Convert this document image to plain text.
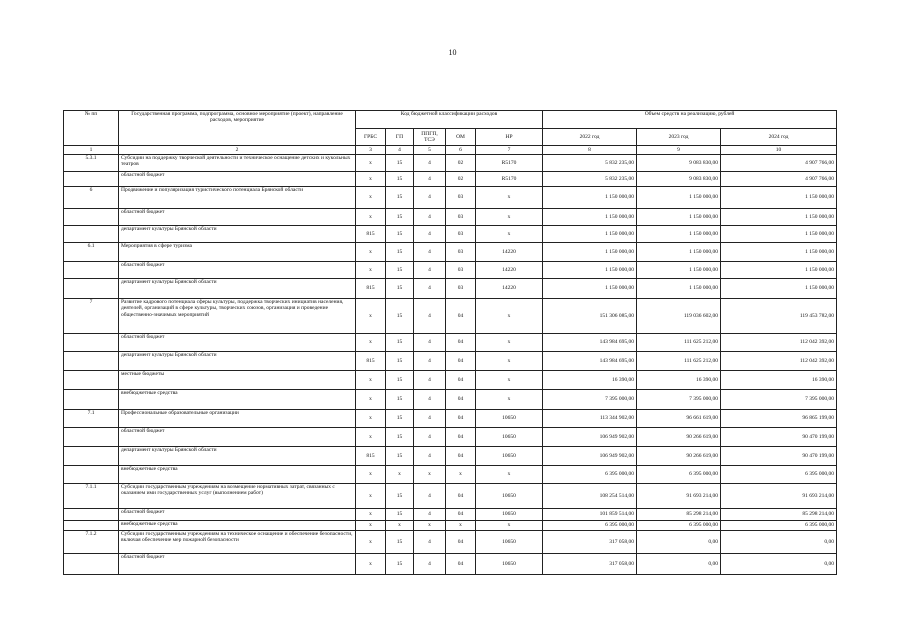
10
№ пп	Государственная программа, подпрограмма, основное мероприятие (проект), направление расходов, мероприятие	Код бюджетной классификации расходов					Объем средств на реализацию, рублей		
		ГРБС	ГП	ППГП, ТСЭ	ОМ	НР	2022 год	2023 год	2024 год
1	2	3	4	5	6	7	8	9	10
5.3.1	Субсидии на поддержку творческой деятельности и техническое оснащение детских и кукольных театров	х	15	4	02	R5170	5 832 235,00	9 083 830,00	4 907 766,00
	областной бюджет	х	15	4	02	R5170	5 832 235,00	9 083 830,00	4 907 766,00
6	Продвижение и популяризация туристического потенциала Брянской области	х	15	4	03	х	1 150 000,00	1 150 000,00	1 150 000,00
	областной бюджет	х	15	4	03	х	1 150 000,00	1 150 000,00	1 150 000,00
	департамент культуры Брянской области	815	15	4	03	х	1 150 000,00	1 150 000,00	1 150 000,00
6.1	Мероприятия в сфере туризма	х	15	4	03	14220	1 150 000,00	1 150 000,00	1 150 000,00
	областной бюджет	х	15	4	03	14220	1 150 000,00	1 150 000,00	1 150 000,00
	департамент культуры Брянской области	815	15	4	03	14220	1 150 000,00	1 150 000,00	1 150 000,00
7	Развитие кадрового потенциала сферы культуры, поддержка творческих инициатив населения, деятелей, организаций в сфере культуры, творческих союзов, организация и проведение общественно-значимых мероприятий	х	15	4	04	х	151 306 085,00	119 036 602,00	119 453 782,00
	областной бюджет	х	15	4	04	х	143 984 695,00	111 625 212,00	112 042 392,00
	департамент культуры Брянской области	815	15	4	04	х	143 984 695,00	111 625 212,00	112 042 392,00
	местные бюджеты	х	15	4	04	х	16 390,00	16 390,00	16 390,00
	внебюджетные средства	х	15	4	04	х	7 395 000,00	7 395 000,00	7 395 000,00
7.1	Профессиональные образовательные организации	х	15	4	04	10650	113 344 902,00	96 661 619,00	96 865 199,00
	областной бюджет	х	15	4	04	10650	106 949 902,00	90 266 619,00	90 470 199,00
	департамент культуры Брянской области	815	15	4	04	10650	106 949 902,00	90 266 619,00	90 470 199,00
	внебюджетные средства	х	х	х	х	х	6 395 000,00	6 395 000,00	6 395 000,00
7.1.1	Субсидии государственным учреждениям на возмещение нормативных затрат, связанных с оказанием ими государственных услуг (выполнением работ)	х	15	4	04	10650	108 254 514,00	91 693 214,00	91 693 214,00
	областной бюджет	х	15	4	04	10650	101 859 514,00	85 298 214,00	85 298 214,00
	внебюджетные средства	х	х	х	х	х	6 395 000,00	6 395 000,00	6 395 000,00
7.1.2	Субсидии государственным учреждениям на техническое оснащение и обеспечение безопасности, включая обеспечение мер пожарной безопасности	х	15	4	04	10650	317 058,00	0,00	0,00
	областной бюджет	х	15	4	04	10650	317 058,00	0,00	0,00
